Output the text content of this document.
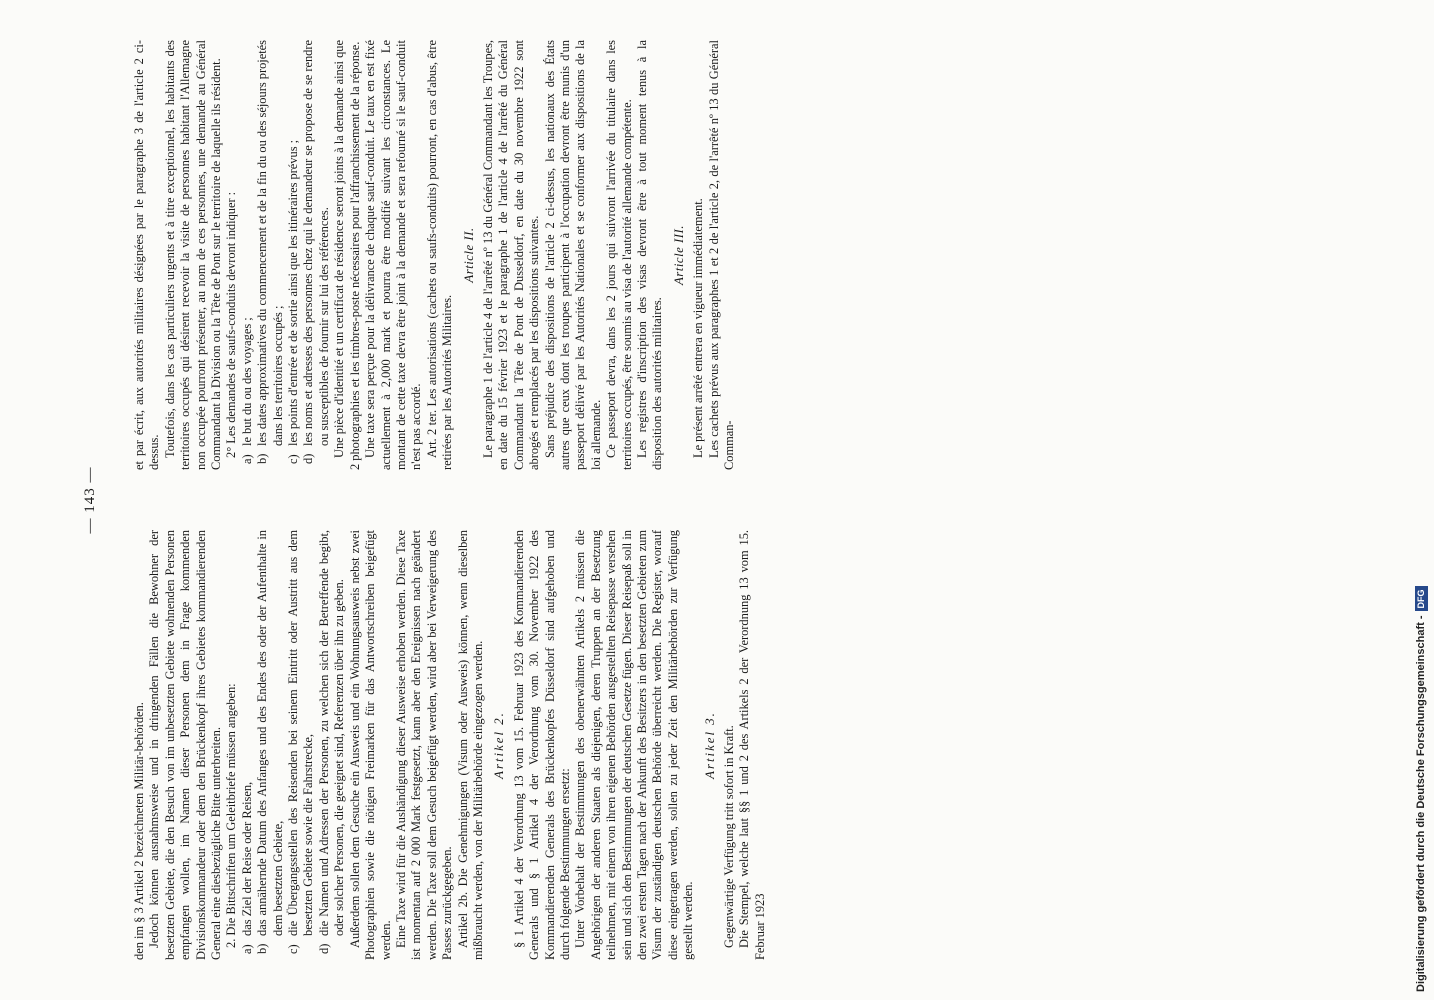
— 143 —

den im § 3 Artikel 2 bezeichneten Militär-behörden. Jedoch können ausnahmsweise und in dringenden Fällen die Bewohner der besetzten Gebiete, die den Besuch von im unbesetzten Gebiete wohnenden Personen empfangen wollen, im Namen dieser Personen dem in Frage kommenden Divisionskommandeur oder dem den Brückenkopf ihres Gebietes kommandierenden General eine diesbezügliche Bitte unterbreiten. 2. Die Bittschriften um Geleitbriefe müssen angeben:

a)
das Ziel der Reise oder Reisen,

b)
das annähernde Datum des Anfanges und des Endes des oder der Aufenthalte in dem besetzten Gebiete,

c)
die Übergangsstellen des Reisenden bei seinem Eintritt oder Austritt aus dem besetzten Gebiete sowie die Fahrstrecke,

d)
die Namen und Adressen der Personen, zu welchen sich der Betreffende begibt, oder solcher Personen, die geeignet sind, Referenzen über ihn zu geben. Außerdem sollen dem Gesuche ein Ausweis und ein Wohnungsausweis nebst zwei Photographien sowie die nötigen Freimarken für das Antwortschreiben beigefügt werden. Eine Taxe wird für die Aushändigung dieser Ausweise erhoben werden. Diese Taxe ist momentan auf 2 000 Mark festgesetzt, kann aber den Ereignissen nach geändert werden. Die Taxe soll dem Gesuch beigefügt werden, wird aber bei Verweigerung des Passes zurückgegeben. Artikel 2b. Die Genehmigungen (Visum oder Ausweis) können, wenn dieselben mißbraucht werden, von der Militärbehörde eingezogen werden. Artikel 2. § 1 Artikel 4 der Verordnung 13 vom 15. Februar 1923 des Kommandierenden Generals und § 1 Artikel 4 der Verordnung vom 30. November 1922 des Kommandierenden Generals des Brückenkopfes Düsseldorf sind aufgehoben und durch folgende Bestimmungen ersetzt: Unter Vorbehalt der Bestimmungen des obenerwähnten Artikels 2 müssen die Angehörigen der anderen Staaten als diejenigen, deren Truppen an der Besetzung teilnehmen, mit einem von ihren eigenen Behörden ausgestellten Reisepasse versehen sein und sich den Bestimmungen der deutschen Gesetze fügen. Dieser Reisepaß soll in den zwei ersten Tagen nach der Ankunft des Besitzers in den besetzten Gebieten zum Visum der zuständigen deutschen Behörde überreicht werden. Die Register, worauf diese eingetragen werden, sollen zu jeder Zeit den Militärbehörden zur Verfügung gestellt werden.

Artikel 3. Gegenwärtige Verfügung tritt sofort in Kraft. Die Stempel, welche laut §§ 1 und 2 des Artikels 2 der Verordnung 13 vom 15. Februar 1923

et par écrit, aux autorités militaires désignées par le paragraphe 3 de l'article 2 ci-dessus. Toutefois, dans les cas particuliers urgents et à titre exceptionnel, les habitants des territoires occupés qui désirent recevoir la visite de personnes habitant l'Allemagne non occupée pourront présenter, au nom de ces personnes, une demande au Général Commandant la Division ou la Tête de Pont sur le territoire de laquelle ils résident. 2° Les demandes de saufs-conduits devront indiquer :

a)
le but du ou des voyages ;

b)
les dates approximatives du commencement et de la fin du ou des séjours projetés dans les territoires occupés ;

c)
les points d'entrée et de sortie ainsi que les itinéraires prévus ;

d)
les noms et adresses des personnes chez qui le demandeur se propose de se rendre ou susceptibles de fournir sur lui des références. Une pièce d'identité et un certificat de résidence seront joints à la demande ainsi que 2 photographies et les timbres-poste nécessaires pour l'affranchissement de la réponse. Une taxe sera perçue pour la délivrance de chaque sauf-conduit. Le taux en est fixé actuellement à 2,000 mark et pourra être modifié suivant les circonstances. Le montant de cette taxe devra être joint à la demande et sera refourné si le sauf-conduit n'est pas accordé. Art. 2 ter. Les autorisations (cachets ou saufs-conduits) pourront, en cas d'abus, être retirées par les Autorités Militaires.

Article II. Le paragraphe 1 de l'article 4 de l'arrêté nº 13 du Général Commandant les Troupes, en date du 15 février 1923 et le paragraphe 1 de l'article 4 de l'arrêté du Général Commandant la Tête de Pont de Dusseldorf, en date du 30 novembre 1922 sont abrogés et remplacés par les dispositions suivantes. Sans préjudice des dispositions de l'article 2 ci-dessus, les nationaux des États autres que ceux dont les troupes participent à l'occupation devront être munis d'un passeport délivré par les Autorités Nationales et se conformer aux dispositions de la loi allemande. Ce passeport devra, dans les 2 jours qui suivront l'arrivée du titulaire dans les territoires occupés, être soumis au visa de l'autorité allemande compétente. Les registres d'inscription des visas devront être à tout moment tenus à la disposition des autorités militaires.

Article III. Le présent arrêté entrera en vigueur immédiatement. Les cachets prévus aux paragraphes 1 et 2 de l'article 2, de l'arrêté nº 13 du Général Comman-

Digitalisierung gefördert durch die Deutsche Forschungsgemeinschaft -DFG
